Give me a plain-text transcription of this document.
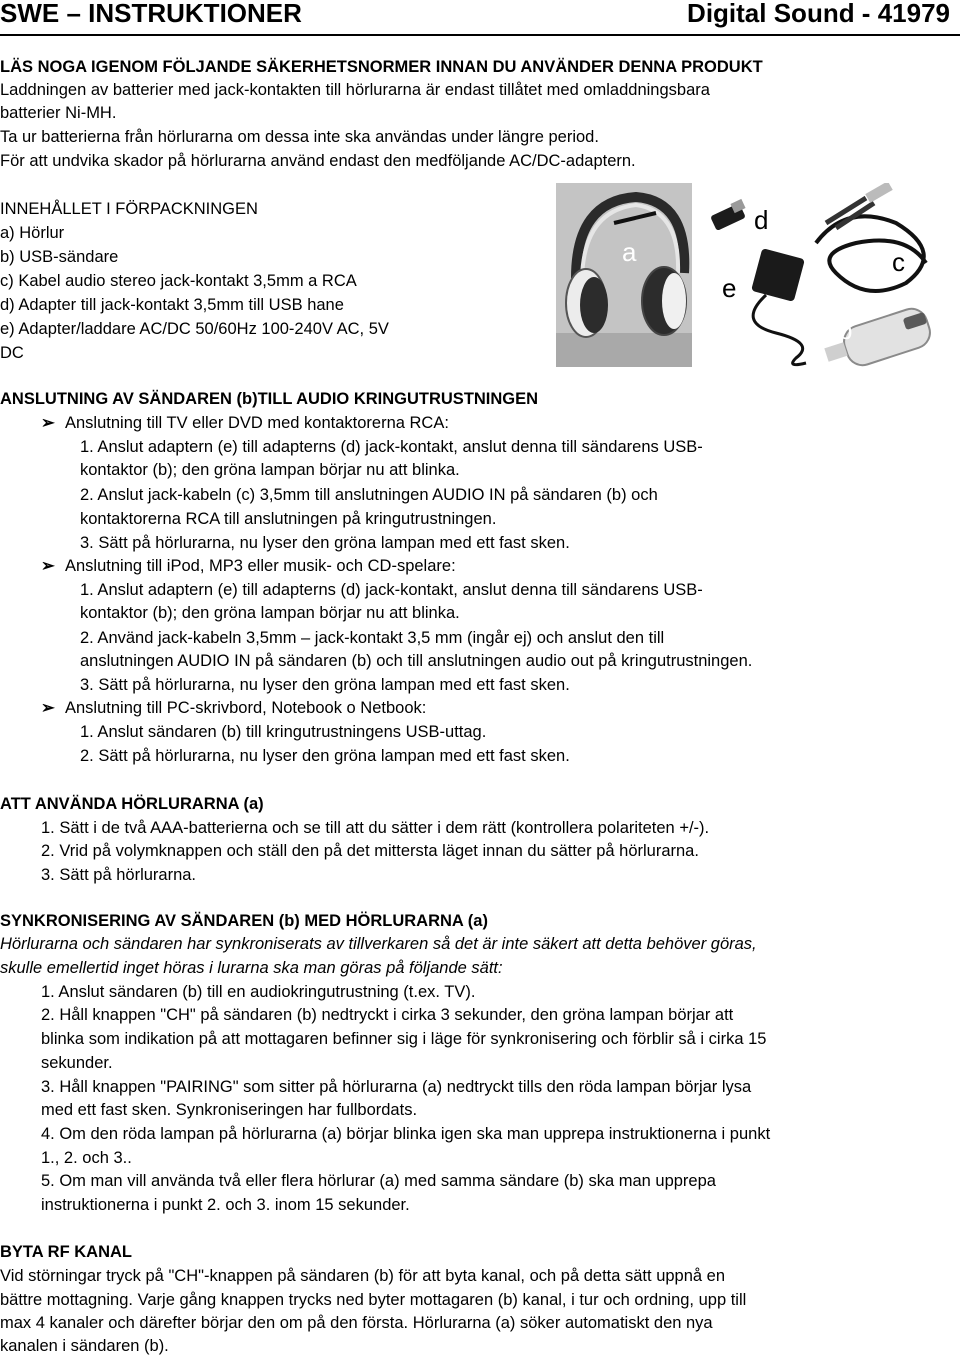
SWE – INSTRUKTIONER	Digital Sound - 41979
LÄS NOGA IGENOM FÖLJANDE SÄKERHETSNORMER INNAN DU ANVÄNDER DENNA PRODUKT
Laddningen av batterier med jack-kontakten till hörlurarna är endast tillåtet med omladdningsbara
batterier Ni-MH.
Ta ur batterierna från hörlurarna om dessa inte ska användas under längre period.
För att undvika skador på hörlurarna använd endast den medföljande AC/DC-adaptern.
INNEHÅLLET I FÖRPACKNINGEN
a) Hörlur
b) USB-sändare
c) Kabel audio stereo jack-kontakt 3,5mm a RCA
d) Adapter till jack-kontakt 3,5mm till USB hane
e) Adapter/laddare AC/DC 50/60Hz 100-240V AC, 5V
DC
a
d
c
e
b
ANSLUTNING AV SÄNDAREN (b)TILL AUDIO KRINGUTRUSTNINGEN
➢ Anslutning till TV eller DVD med kontaktorerna RCA:
1. Anslut adaptern (e) till adapterns (d) jack-kontakt, anslut denna till sändarens USB-
kontaktor (b); den gröna lampan börjar nu att blinka.
2. Anslut jack-kabeln (c) 3,5mm till anslutningen AUDIO IN på sändaren (b) och
kontaktorerna RCA till anslutningen på kringutrustningen.
3. Sätt på hörlurarna, nu lyser den gröna lampan med ett fast sken.
➢ Anslutning till iPod, MP3 eller musik- och CD-spelare:
1. Anslut adaptern (e) till adapterns (d) jack-kontakt, anslut denna till sändarens USB-
kontaktor (b); den gröna lampan börjar nu att blinka.
2. Använd jack-kabeln 3,5mm – jack-kontakt 3,5 mm (ingår ej) och anslut den till
anslutningen AUDIO IN på sändaren (b) och till anslutningen audio out på kringutrustningen.
3. Sätt på hörlurarna, nu lyser den gröna lampan med ett fast sken.
➢ Anslutning till PC-skrivbord, Notebook o Netbook:
1. Anslut sändaren (b) till kringutrustningens USB-uttag.
2. Sätt på hörlurarna, nu lyser den gröna lampan med ett fast sken.
ATT ANVÄNDA HÖRLURARNA (a)
1. Sätt i de två AAA-batterierna och se till att du sätter i dem rätt (kontrollera polariteten +/-).
2. Vrid på volymknappen och ställ den på det mittersta läget innan du sätter på hörlurarna.
3. Sätt på hörlurarna.
SYNKRONISERING AV SÄNDAREN (b) MED HÖRLURARNA (a)
Hörlurarna och sändaren har synkroniserats av tillverkaren så det är inte säkert att detta behöver göras,
skulle emellertid inget höras i lurarna ska man göras på följande sätt:
1. Anslut sändaren (b) till en audiokringutrustning (t.ex. TV).
2. Håll knappen "CH" på sändaren (b) nedtryckt i cirka 3 sekunder, den gröna lampan börjar att
blinka som indikation på att mottagaren befinner sig i läge för synkronisering och förblir så i cirka 15
sekunder.
3. Håll knappen "PAIRING" som sitter på hörlurarna (a) nedtryckt tills den röda lampan börjar lysa
med ett fast sken. Synkroniseringen har fullbordats.
4. Om den röda lampan på hörlurarna (a) börjar blinka igen ska man upprepa instruktionerna i punkt
1., 2. och 3..
5. Om man vill använda två eller flera hörlurar (a) med samma sändare (b) ska man upprepa
instruktionerna i punkt 2. och 3. inom 15 sekunder.
BYTA RF KANAL
Vid störningar tryck på "CH"-knappen på sändaren (b) för att byta kanal, och på detta sätt uppnå en
bättre mottagning. Varje gång knappen trycks ned byter mottagaren (b) kanal, i tur och ordning, upp till
max 4 kanaler och därefter börjar den om på den första. Hörlurarna (a) söker automatiskt den nya
kanalen i sändaren (b).
